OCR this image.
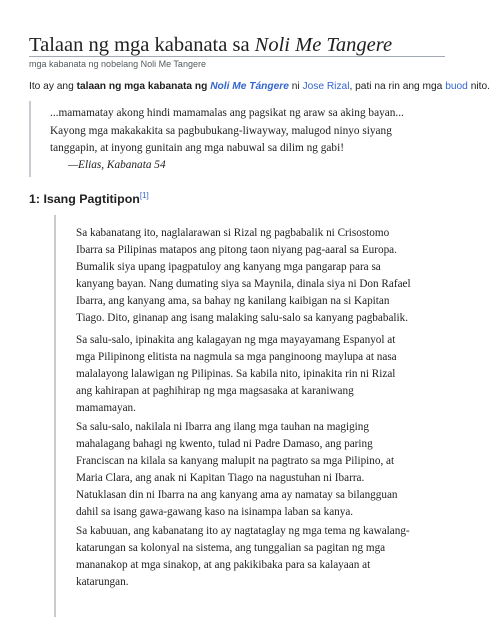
Talaan ng mga kabanata sa Noli Me Tangere
mga kabanata ng nobelang Noli Me Tangere
Ito ay ang talaan ng mga kabanata ng Noli Me Tángere ni Jose Rizal, pati na rin ang mga buod nito.
...mamamatay akong hindi mamamalas ang pagsikat ng araw sa aking bayan...
Kayong mga makakakita sa pagbubukang-liwayway, malugod ninyo siyang
tanggapin, at inyong gunitain ang mga nabuwal sa dilim ng gabi!
—Elias, Kabanata 54
1: Isang Pagtitipon[1]
Sa kabanatang ito, naglalarawan si Rizal ng pagbabalik ni Crisostomo
Ibarra sa Pilipinas matapos ang pitong taon niyang pag-aaral sa Europa.
Bumalik siya upang ipagpatuloy ang kanyang mga pangarap para sa
kanyang bayan. Nang dumating siya sa Maynila, dinala siya ni Don Rafael
Ibarra, ang kanyang ama, sa bahay ng kanilang kaibigan na si Kapitan
Tiago. Dito, ginanap ang isang malaking salu-salo sa kanyang pagbabalik.
Sa salu-salo, ipinakita ang kalagayan ng mga mayayamang Espanyol at
mga Pilipinong elitista na nagmula sa mga panginoong maylupa at nasa
malalayong lalawigan ng Pilipinas. Sa kabila nito, ipinakita rin ni Rizal
ang kahirapan at paghihirap ng mga magsasaka at karaniwang
mamamayan.
Sa salu-salo, nakilala ni Ibarra ang ilang mga tauhan na magiging
mahalagang bahagi ng kwento, tulad ni Padre Damaso, ang paring
Franciscan na kilala sa kanyang malupit na pagtrato sa mga Pilipino, at
Maria Clara, ang anak ni Kapitan Tiago na nagustuhan ni Ibarra.
Natuklasan din ni Ibarra na ang kanyang ama ay namatay sa bilangguan
dahil sa isang gawa-gawang kaso na isinampa laban sa kanya.
Sa kabuuan, ang kabanatang ito ay nagtataglay ng mga tema ng kawalang-
katarungan sa kolonyal na sistema, ang tunggalian sa pagitan ng mga
mananakop at mga sinakop, at ang pakikibaka para sa kalayaan at
katarungan.
